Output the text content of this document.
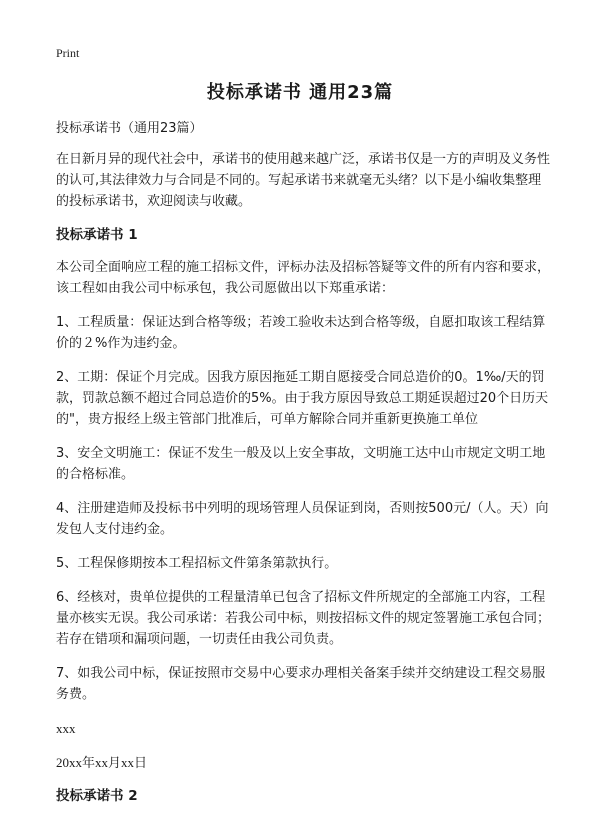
Print
投标承诺书 通用23篇

投标承诺书（通用23篇）

在日新月异的现代社会中，承诺书的使用越来越广泛，承诺书仅是一方的声明及义务性的认可,其法律效力与合同是不同的。写起承诺书来就毫无头绪？以下是小编收集整理的投标承诺书，欢迎阅读与收藏。

投标承诺书 1

本公司全面响应工程的施工招标文件，评标办法及招标答疑等文件的所有内容和要求，该工程如由我公司中标承包，我公司愿做出以下郑重承诺：

1、工程质量：保证达到合格等级；若竣工验收未达到合格等级，自愿扣取该工程结算价的２%作为违约金。

2、工期：保证个月完成。因我方原因拖延工期自愿接受合同总造价的0。1‰/天的罚款，罚款总额不超过合同总造价的5%。由于我方原因导致总工期延误超过20个日历天的"，贵方报经上级主管部门批准后，可单方解除合同并重新更换施工单位

3、安全文明施工：保证不发生一般及以上安全事故，文明施工达中山市规定文明工地的合格标准。

4、注册建造师及投标书中列明的现场管理人员保证到岗，否则按500元/（人。天）向发包人支付违约金。

5、工程保修期按本工程招标文件第条第款执行。

6、经核对，贵单位提供的工程量清单已包含了招标文件所规定的全部施工内容，工程量亦核实无误。我公司承诺：若我公司中标，则按招标文件的规定签署施工承包合同；若存在错项和漏项问题，一切责任由我公司负责。

7、如我公司中标，保证按照市交易中心要求办理相关备案手续并交纳建设工程交易服务费。

xxx

20xx年xx月xx日

投标承诺书 2
